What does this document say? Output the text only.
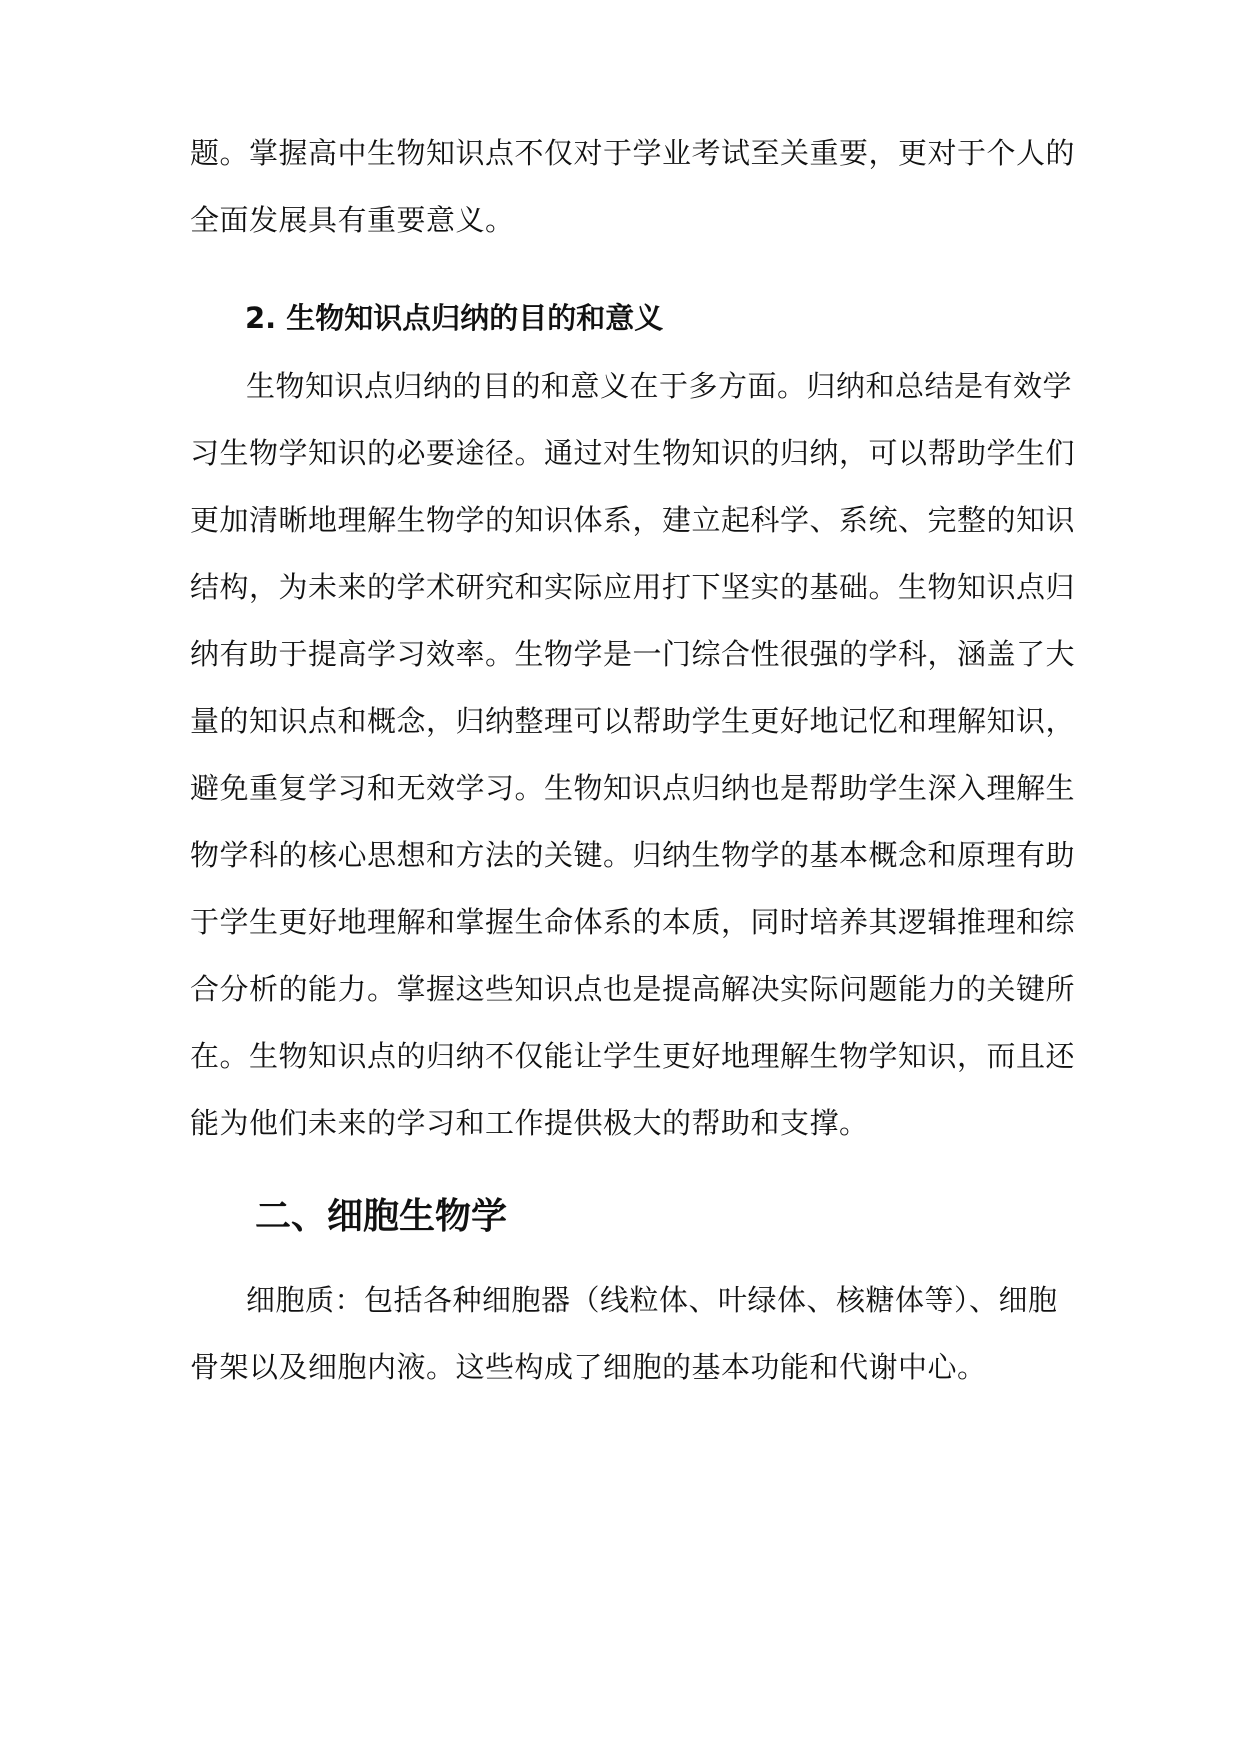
题。掌握高中生物知识点不仅对于学业考试至关重要，更对于个人的
全面发展具有重要意义。
2. 生物知识点归纳的目的和意义
生物知识点归纳的目的和意义在于多方面。归纳和总结是有效学
习生物学知识的必要途径。通过对生物知识的归纳，可以帮助学生们
更加清晰地理解生物学的知识体系，建立起科学、系统、完整的知识
结构，为未来的学术研究和实际应用打下坚实的基础。生物知识点归
纳有助于提高学习效率。生物学是一门综合性很强的学科，涵盖了大
量的知识点和概念，归纳整理可以帮助学生更好地记忆和理解知识，
避免重复学习和无效学习。生物知识点归纳也是帮助学生深入理解生
物学科的核心思想和方法的关键。归纳生物学的基本概念和原理有助
于学生更好地理解和掌握生命体系的本质，同时培养其逻辑推理和综
合分析的能力。掌握这些知识点也是提高解决实际问题能力的关键所
在。生物知识点的归纳不仅能让学生更好地理解生物学知识，而且还
能为他们未来的学习和工作提供极大的帮助和支撑。
二、细胞生物学
细胞质：包括各种细胞器（线粒体、叶绿体、核糖体等）、细胞
骨架以及细胞内液。这些构成了细胞的基本功能和代谢中心。
